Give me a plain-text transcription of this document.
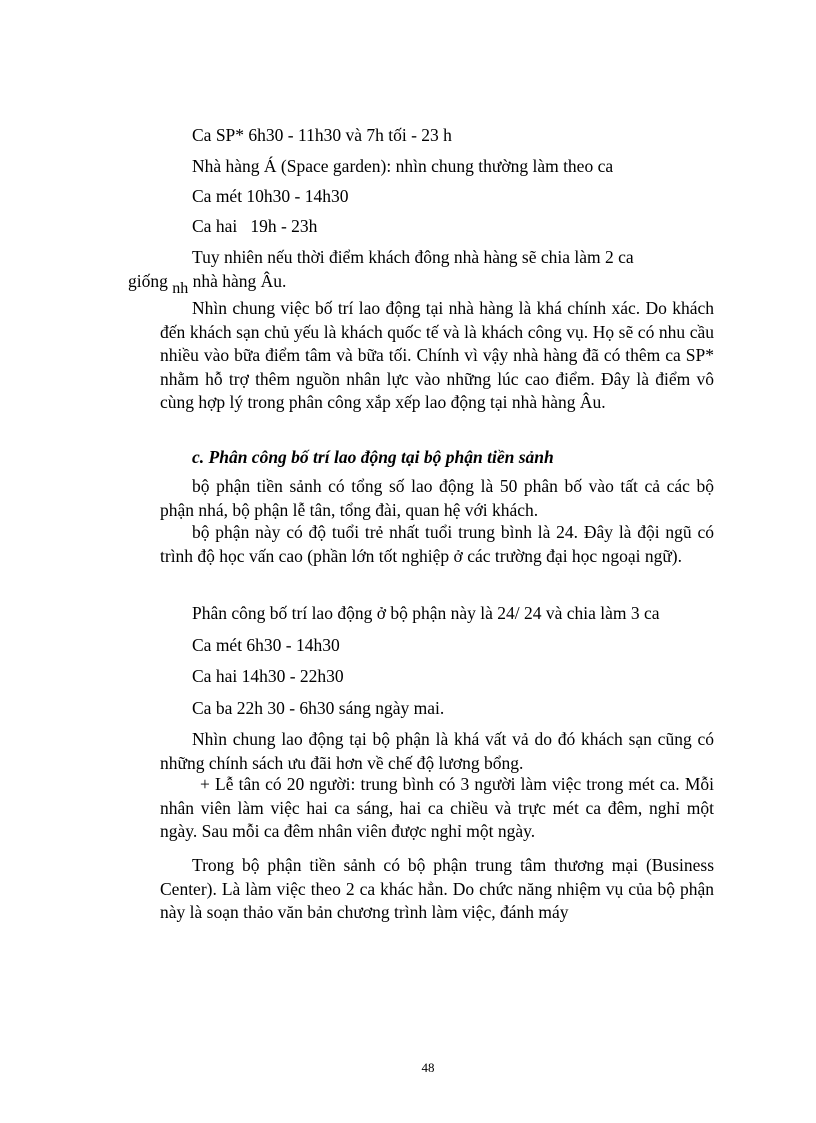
Ca SP* 6h30 - 11h30 và 7h tối - 23 h
Nhà hàng Á (Space garden): nhìn chung thường làm theo ca
Ca mét 10h30 - 14h30
Ca hai   19h - 23h
Tuy nhiên nếu thời điểm khách đông nhà hàng sẽ chia làm 2 ca
giống nh nhà hàng Âu.
Nhìn chung việc bố trí lao động tại nhà hàng là khá chính xác. Do khách đến khách sạn chủ yếu là khách quốc tế và là khách công vụ. Họ sẽ có nhu cầu nhiều vào bữa điểm tâm và bữa tối. Chính vì vậy nhà hàng đã có thêm ca SP* nhằm hỗ trợ thêm nguồn nhân lực vào những lúc cao điểm. Đây là điểm vô cùng hợp lý trong phân công xắp xếp lao động tại nhà hàng Âu.
c. Phân công bố trí lao động tại bộ phận tiền sảnh
bộ phận tiền sảnh có tổng số lao động là 50 phân bố vào tất cả các bộ phận nhá, bộ phận lễ tân, tổng đài, quan hệ với khách.
bộ phận này có độ tuổi trẻ nhất tuổi trung bình là 24. Đây là đội ngũ có trình độ học vấn cao (phần lớn tốt nghiệp ở các trường đại học ngoại ngữ).
Phân công bố trí lao động ở bộ phận này là 24/ 24 và chia làm 3 ca
Ca mét 6h30 - 14h30
Ca hai 14h30 - 22h30
Ca ba 22h 30 - 6h30 sáng ngày mai.
Nhìn chung lao động tại bộ phận là khá vất vả do đó khách sạn cũng có những chính sách ưu đãi hơn về chế độ lương bổng.
+ Lễ tân có 20 người: trung bình có 3 người làm việc trong mét ca. Mỗi nhân viên làm việc hai ca sáng, hai ca chiều và trực mét ca đêm, nghỉ một ngày. Sau mỗi ca đêm nhân viên được nghỉ một ngày.
Trong bộ phận tiền sảnh có bộ phận trung tâm thương mại (Business Center). Là làm việc theo 2 ca khác hẳn. Do chức năng nhiệm vụ của bộ phận này là soạn thảo văn bản chương trình làm việc, đánh máy
48
